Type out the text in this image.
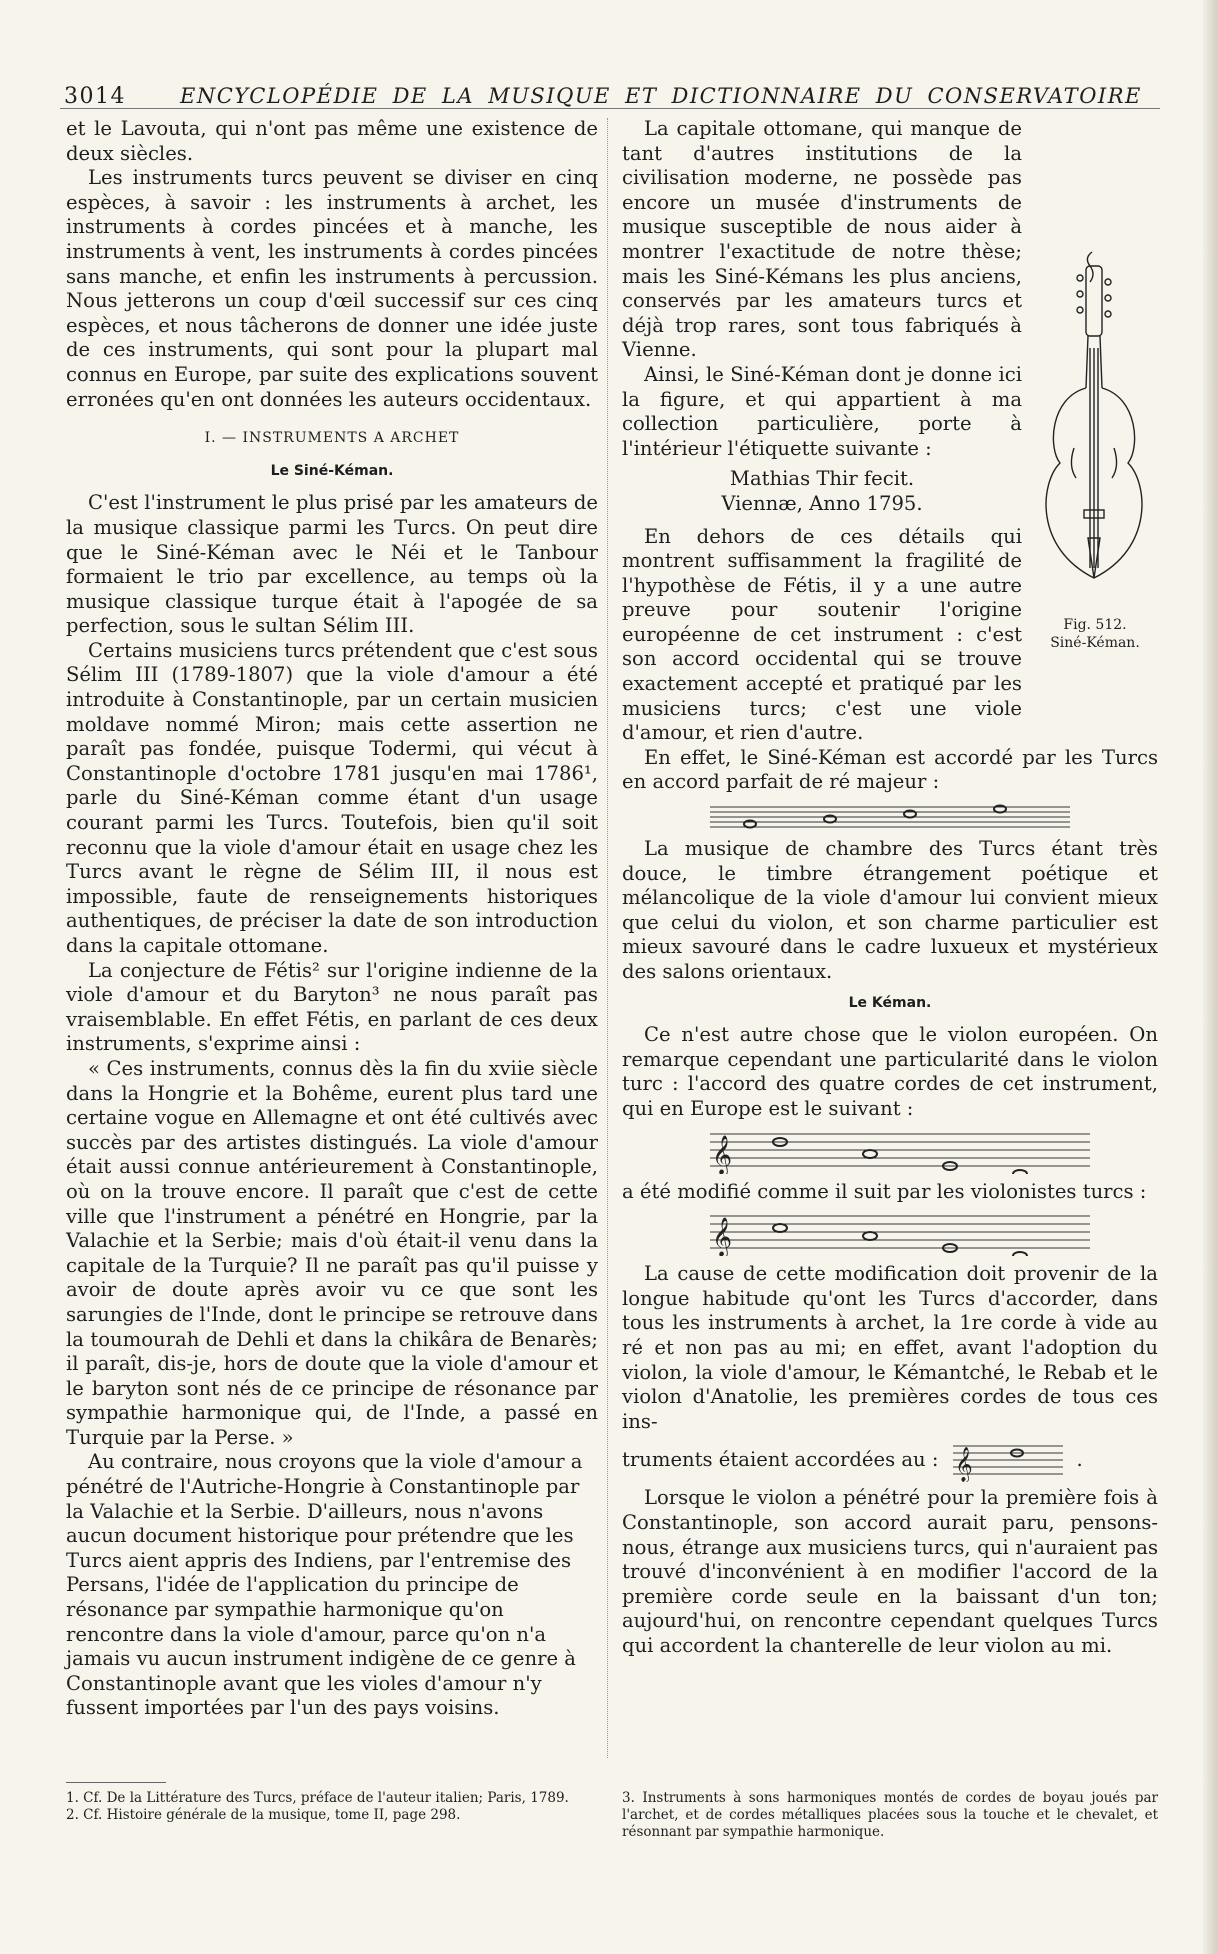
3014	ENCYCLOPÉDIE DE LA MUSIQUE ET DICTIONNAIRE DU CONSERVATOIRE

et le Lavouta, qui n'ont pas même une existence de deux siècles.

Les instruments turcs peuvent se diviser en cinq espèces, à savoir : les instruments à archet, les instruments à cordes pincées et à manche, les instruments à vent, les instruments à cordes pincées sans manche, et enfin les instruments à percussion. Nous jetterons un coup d'œil successif sur ces cinq espèces, et nous tâcherons de donner une idée juste de ces instruments, qui sont pour la plupart mal connus en Europe, par suite des explications souvent erronées qu'en ont données les auteurs occidentaux.

I. — INSTRUMENTS A ARCHET
Le Siné-Kéman.

C'est l'instrument le plus prisé par les amateurs de la musique classique parmi les Turcs. On peut dire que le Siné-Kéman avec le Néi et le Tanbour formaient le trio par excellence, au temps où la musique classique turque était à l'apogée de sa perfection, sous le sultan Sélim III.

Certains musiciens turcs prétendent que c'est sous Sélim III (1789-1807) que la viole d'amour a été introduite à Constantinople, par un certain musicien moldave nommé Miron; mais cette assertion ne paraît pas fondée, puisque Todermi, qui vécut à Constantinople d'octobre 1781 jusqu'en mai 1786¹, parle du Siné-Kéman comme étant d'un usage courant parmi les Turcs. Toutefois, bien qu'il soit reconnu que la viole d'amour était en usage chez les Turcs avant le règne de Sélim III, il nous est impossible, faute de renseignements historiques authentiques, de préciser la date de son introduction dans la capitale ottomane.

La conjecture de Fétis² sur l'origine indienne de la viole d'amour et du Baryton³ ne nous paraît pas vraisemblable. En effet Fétis, en parlant de ces deux instruments, s'exprime ainsi :

« Ces instruments, connus dès la fin du xviie siècle dans la Hongrie et la Bohême, eurent plus tard une certaine vogue en Allemagne et ont été cultivés avec succès par des artistes distingués. La viole d'amour était aussi connue antérieurement à Constantinople, où on la trouve encore. Il paraît que c'est de cette ville que l'instrument a pénétré en Hongrie, par la Valachie et la Serbie; mais d'où était-il venu dans la capitale de la Turquie? Il ne paraît pas qu'il puisse y avoir de doute après avoir vu ce que sont les sarungies de l'Inde, dont le principe se retrouve dans la toumourah de Dehli et dans la chikâra de Benarès; il paraît, dis-je, hors de doute que la viole d'amour et le baryton sont nés de ce principe de résonance par sympathie harmonique qui, de l'Inde, a passé en Turquie par la Perse. »

Au contraire, nous croyons que la viole d'amour a pénétré de l'Autriche-Hongrie à Constantinople par la Valachie et la Serbie. D'ailleurs, nous n'avons aucun document historique pour prétendre que les Turcs aient appris des Indiens, par l'entremise des Persans, l'idée de l'application du principe de résonance par sympathie harmonique qu'on rencontre dans la viole d'amour, parce qu'on n'a jamais vu aucun instrument indigène de ce genre à Constantinople avant que les violes d'amour n'y fussent importées par l'un des pays voisins.

La capitale ottomane, qui manque de tant d'autres institutions de la civilisation moderne, ne possède pas encore un musée d'instruments de musique susceptible de nous aider à montrer l'exactitude de notre thèse; mais les Siné-Kémans les plus anciens, conservés par les amateurs turcs et déjà trop rares, sont tous fabriqués à Vienne.

Ainsi, le Siné-Kéman dont je donne ici la figure, et qui appartient à ma collection particulière, porte à l'intérieur l'étiquette suivante :

Mathias Thir fecit.
Viennæ, Anno 1795.

En dehors de ces détails qui montrent suffisamment la fragilité de l'hypothèse de Fétis, il y a une autre preuve pour soutenir l'origine européenne de cet instrument : c'est son accord occidental qui se trouve exactement accepté et pratiqué par les musiciens turcs; c'est une viole d'amour, et rien d'autre.

En effet, le Siné-Kéman est accordé par les Turcs en accord parfait de ré majeur :

La musique de chambre des Turcs étant très douce, le timbre étrangement poétique et mélancolique de la viole d'amour lui convient mieux que celui du violon, et son charme particulier est mieux savouré dans le cadre luxueux et mystérieux des salons orientaux.

Le Kéman.

Ce n'est autre chose que le violon européen. On remarque cependant une particularité dans le violon turc : l'accord des quatre cordes de cet instrument, qui en Europe est le suivant :

𝄞

a été modifié comme il suit par les violonistes turcs :

𝄞

La cause de cette modification doit provenir de la longue habitude qu'ont les Turcs d'accorder, dans tous les instruments à archet, la 1re corde à vide au ré et non pas au mi; en effet, avant l'adoption du violon, la viole d'amour, le Kémantché, le Rebab et le violon d'Anatolie, les premières cordes de tous ces ins-

truments étaient accordées au : 𝄞	.

Lorsque le violon a pénétré pour la première fois à Constantinople, son accord aurait paru, pensons-nous, étrange aux musiciens turcs, qui n'auraient pas trouvé d'inconvénient à en modifier l'accord de la première corde seule en la baissant d'un ton; aujourd'hui, on rencontre cependant quelques Turcs qui accordent la chanterelle de leur violon au mi.

Fig. 512.
Siné-Kéman.

1. Cf. De la Littérature des Turcs, préface de l'auteur italien; Paris, 1789.

2. Cf. Histoire générale de la musique, tome II, page 298.

3. Instruments à sons harmoniques montés de cordes de boyau joués par l'archet, et de cordes métalliques placées sous la touche et le chevalet, et résonnant par sympathie harmonique.
